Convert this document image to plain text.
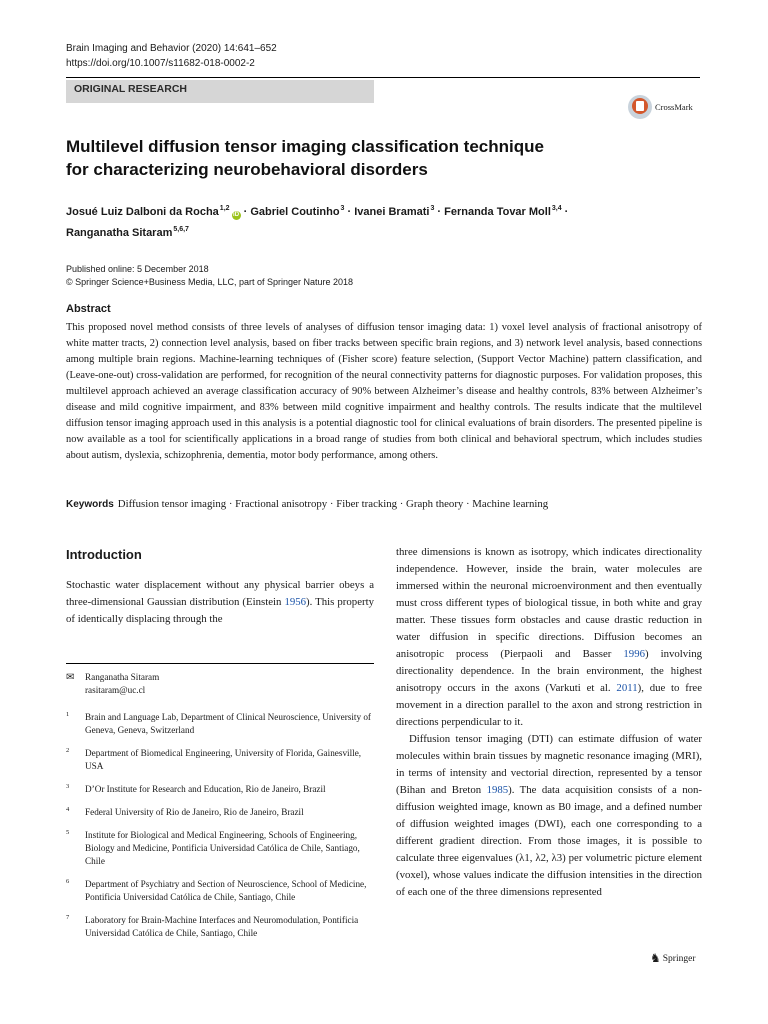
Brain Imaging and Behavior (2020) 14:641–652
https://doi.org/10.1007/s11682-018-0002-2
ORIGINAL RESEARCH
CrossMark
Multilevel diffusion tensor imaging classification technique
for characterizing neurobehavioral disorders
Josué Luiz Dalboni da Rocha$^{1,2}$iD · Gabriel Coutinho$^3$ · Ivanei Bramati$^3$ · Fernanda Tovar Moll$^{3,4}$ ·
Ranganatha Sitaram$^{5,6,7}$
Published online: 5 December 2018
© Springer Science+Business Media, LLC, part of Springer Nature 2018
Abstract
This proposed novel method consists of three levels of analyses of diffusion tensor imaging data: 1) voxel level analysis of fractional anisotropy of white matter tracts, 2) connection level analysis, based on fiber tracks between specific brain regions, and 3) network level analysis, based connections among multiple brain regions. Machine-learning techniques of (Fisher score) feature selection, (Support Vector Machine) pattern classification, and (Leave-one-out) cross-validation are performed, for recognition of the neural connectivity patterns for diagnostic purposes. For validation proposes, this multilevel approach achieved an average classification accuracy of 90% between Alzheimer’s disease and healthy controls, 83% between Alzheimer’s disease and mild cognitive impairment, and 83% between mild cognitive impairment and healthy controls. The results indicate that the multilevel diffusion tensor imaging approach used in this analysis is a potential diagnostic tool for clinical evaluations of brain disorders. The presented pipeline is now available as a tool for scientifically applications in a broad range of studies from both clinical and behavioral spectrum, which includes studies about autism, dyslexia, schizophrenia, dementia, motor body performance, among others.
Keywords Diffusion tensor imaging · Fractional anisotropy · Fiber tracking · Graph theory · Machine learning
Introduction
Stochastic water displacement without any physical barrier obeys a three-dimensional Gaussian distribution (Einstein 1956). This property of identically displacing through the
✉ Ranganatha Sitaram
rasitaram@uc.cl
1 Brain and Language Lab, Department of Clinical Neuroscience, University of Geneva, Geneva, Switzerland
2 Department of Biomedical Engineering, University of Florida, Gainesville, USA
3 D’Or Institute for Research and Education, Rio de Janeiro, Brazil
4 Federal University of Rio de Janeiro, Rio de Janeiro, Brazil
5 Institute for Biological and Medical Engineering, Schools of Engineering, Biology and Medicine, Pontificia Universidad Católica de Chile, Santiago, Chile
6 Department of Psychiatry and Section of Neuroscience, School of Medicine, Pontificia Universidad Católica de Chile, Santiago, Chile
7 Laboratory for Brain-Machine Interfaces and Neuromodulation, Pontificia Universidad Católica de Chile, Santiago, Chile

three dimensions is known as isotropy, which indicates directionality independence. However, inside the brain, water molecules are immersed within the neuronal microenvironment and then eventually must cross different types of biological tissue, in both white and gray matter. These tissues form obstacles and cause drastic reduction in water diffusion in specific directions. Diffusion becomes an anisotropic process (Pierpaoli and Basser 1996) involving directionality dependence. In the brain environment, the highest anisotropy occurs in the axons (Varkuti et al. 2011), due to free movement in a direction parallel to the axon and strong restriction in directions perpendicular to it.

Diffusion tensor imaging (DTI) can estimate diffusion of water molecules within brain tissues by magnetic resonance imaging (MRI), in terms of intensity and vectorial direction, represented by a tensor (Bihan and Breton 1985). The data acquisition consists of a non-diffusion weighted image, known as B0 image, and a defined number of diffusion weighted images (DWI), each one corresponding to a different gradient direction. From those images, it is possible to calculate three eigenvalues (λ1, λ2, λ3) per volumetric picture element (voxel), whose values indicate the diffusion intensities in the direction of each one of the three dimensions represented

♞ Springer
